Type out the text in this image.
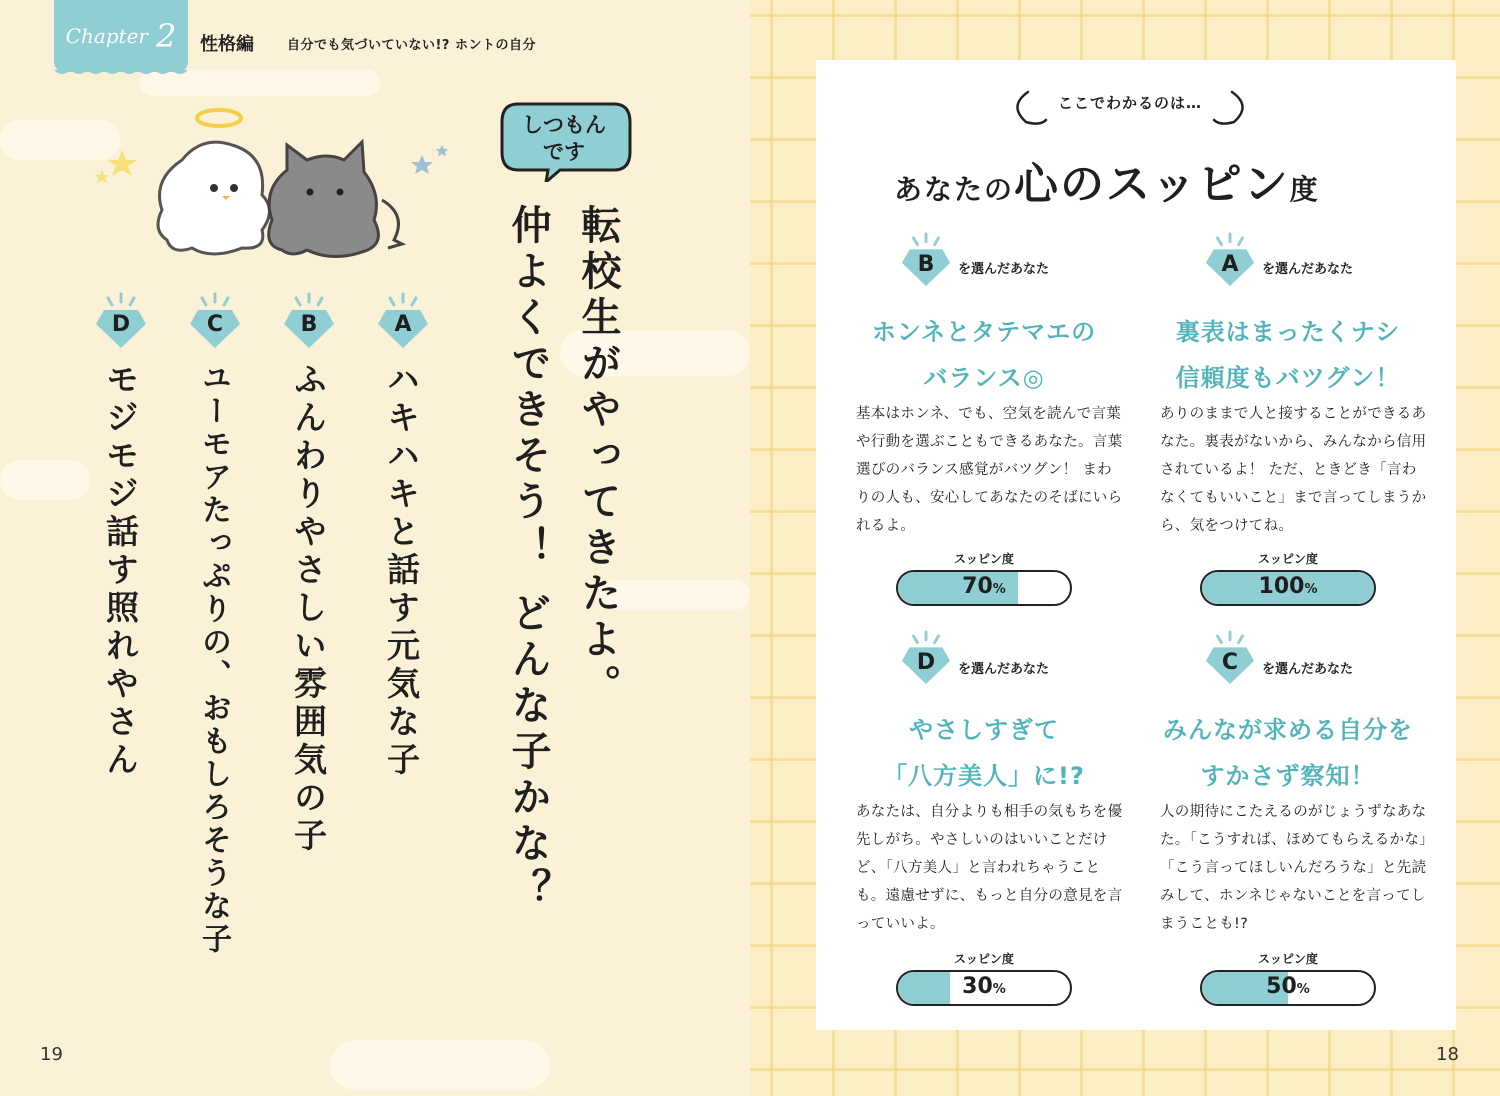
Chapter 2 性格編	自分でも気づいていない!? ホントの自分
しつもん
です
転校生がやってきたよ。
仲よくできそう！ どんな子かな？
A
ハキハキと話す元気な子
B
ふんわりやさしい雰囲気の子
C
ユーモアたっぷりの、おもしろそうな子
D
モジモジ話す照れやさん
19
ここでわかるのは…
あなたの心のスッピン度
B	を選んだあなた
ホンネとタテマエの
バランス◎
基本はホンネ、でも、空気を読んで言葉や行動を選ぶこともできるあなた。言葉選びのバランス感覚がバツグン！ まわりの人も、安心してあなたのそばにいられるよ。
スッピン度
70%
A	を選んだあなた
裏表はまったくナシ
信頼度もバツグン！
ありのままで人と接することができるあなた。裏表がないから、みんなから信用されているよ！ ただ、ときどき「言わなくてもいいこと」まで言ってしまうから、気をつけてね。
スッピン度
100%
D	を選んだあなた
やさしすぎて
「八方美人」に!?
あなたは、自分よりも相手の気もちを優先しがち。やさしいのはいいことだけど、「八方美人」と言われちゃうことも。遠慮せずに、もっと自分の意見を言っていいよ。
スッピン度
30%
C	を選んだあなた
みんなが求める自分を
すかさず察知！
人の期待にこたえるのがじょうずなあなた。「こうすれば、ほめてもらえるかな」「こう言ってほしいんだろうな」と先読みして、ホンネじゃないことを言ってしまうことも!?
スッピン度
50%
18
